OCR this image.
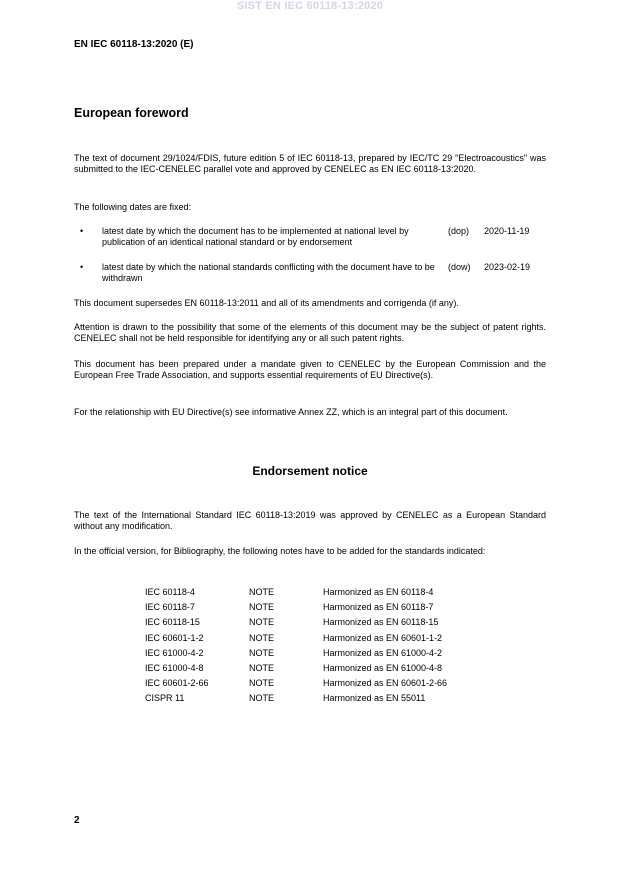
SIST EN IEC 60118-13:2020
EN IEC 60118-13:2020 (E)
European foreword

The text of document 29/1024/FDIS, future edition 5 of IEC 60118-13, prepared by IEC/TC 29 "Electroacoustics" was submitted to the IEC-CENELEC parallel vote and approved by CENELEC as EN IEC 60118-13:2020.

The following dates are fixed:

• latest date by which the document has to be implemented at national level by publication of an identical national standard or by endorsement
(dop) 2020-11-19
• latest date by which the national standards conflicting with the document have to be withdrawn
(dow) 2023-02-19

This document supersedes EN 60118-13:2011 and all of its amendments and corrigenda (if any).

Attention is drawn to the possibility that some of the elements of this document may be the subject of patent rights. CENELEC shall not be held responsible for identifying any or all such patent rights.

This document has been prepared under a mandate given to CENELEC by the European Commission and the European Free Trade Association, and supports essential requirements of EU Directive(s).

For the relationship with EU Directive(s) see informative Annex ZZ, which is an integral part of this document.

Endorsement notice

The text of the International Standard IEC 60118-13:2019 was approved by CENELEC as a European Standard without any modification.

In the official version, for Bibliography, the following notes have to be added for the standards indicated:

IEC 60118-4	NOTE	Harmonized as EN 60118-4
IEC 60118-7	NOTE	Harmonized as EN 60118-7
IEC 60118-15	NOTE	Harmonized as EN 60118-15
IEC 60601-1-2	NOTE	Harmonized as EN 60601-1-2
IEC 61000-4-2	NOTE	Harmonized as EN 61000-4-2
IEC 61000-4-8	NOTE	Harmonized as EN 61000-4-8
IEC 60601-2-66	NOTE	Harmonized as EN 60601-2-66
CISPR 11	NOTE	Harmonized as EN 55011
2
